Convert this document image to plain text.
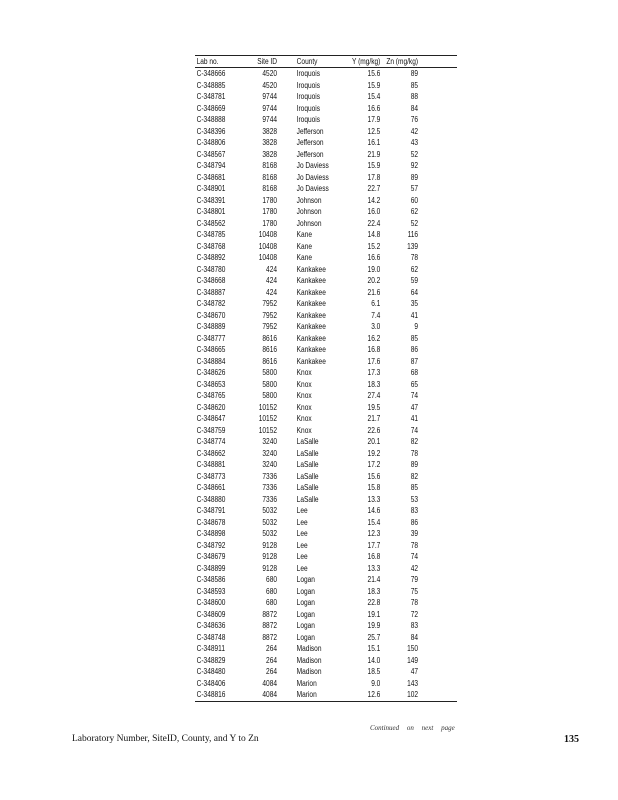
Lab no.	Site ID County	Y (mg/kg) Zn (mg/kg)
C-348666	4520 Iroquois	15.6	89
C-348885	4520 Iroquois	15.9	85
C-348781	9744 Iroquois	15.4	88
C-348669	9744 Iroquois	16.6	84
C-348888	9744 Iroquois	17.9	76
C-348396	3828 Jefferson	12.5	42
C-348806	3828 Jefferson	16.1	43
C-348567	3828 Jefferson	21.9	52
C-348794	8168 Jo Daviess	15.9	92
C-348681	8168 Jo Daviess	17.8	89
C-348901	8168 Jo Daviess	22.7	57
C-348391	1780 Johnson	14.2	60
C-348801	1780 Johnson	16.0	62
C-348562	1780 Johnson	22.4	52
C-348785	10408 Kane	14.8	116
C-348768	10408 Kane	15.2	139
C-348892	10408 Kane	16.6	78
C-348780	424 Kankakee	19.0	62
C-348668	424 Kankakee	20.2	59
C-348887	424 Kankakee	21.6	64
C-348782	7952 Kankakee	6.1	35
C-348670	7952 Kankakee	7.4	41
C-348889	7952 Kankakee	3.0	9
C-348777	8616 Kankakee	16.2	85
C-348665	8616 Kankakee	16.8	86
C-348884	8616 Kankakee	17.6	87
C-348626	5800 Knox	17.3	68
C-348653	5800 Knox	18.3	65
C-348765	5800 Knox	27.4	74
C-348620	10152 Knox	19.5	47
C-348647	10152 Knox	21.7	41
C-348759	10152 Knox	22.6	74
C-348774	3240 LaSalle	20.1	82
C-348662	3240 LaSalle	19.2	78
C-348881	3240 LaSalle	17.2	89
C-348773	7336 LaSalle	15.6	82
C-348661	7336 LaSalle	15.8	85
C-348880	7336 LaSalle	13.3	53
C-348791	5032 Lee	14.6	83
C-348678	5032 Lee	15.4	86
C-348898	5032 Lee	12.3	39
C-348792	9128 Lee	17.7	78
C-348679	9128 Lee	16.8	74
C-348899	9128 Lee	13.3	42
C-348586	680 Logan	21.4	79
C-348593	680 Logan	18.3	75
C-348600	680 Logan	22.8	78
C-348609	8872 Logan	19.1	72
C-348636	8872 Logan	19.9	83
C-348748	8872 Logan	25.7	84
C-348911	264 Madison	15.1	150
C-348829	264 Madison	14.0	149
C-348480	264 Madison	18.5	47
C-348406	4084 Marion	9.0	143
C-348816	4084 Marion	12.6	102
Continued on next page
Laboratory Number, SiteID, County, and Y to Zn	135
